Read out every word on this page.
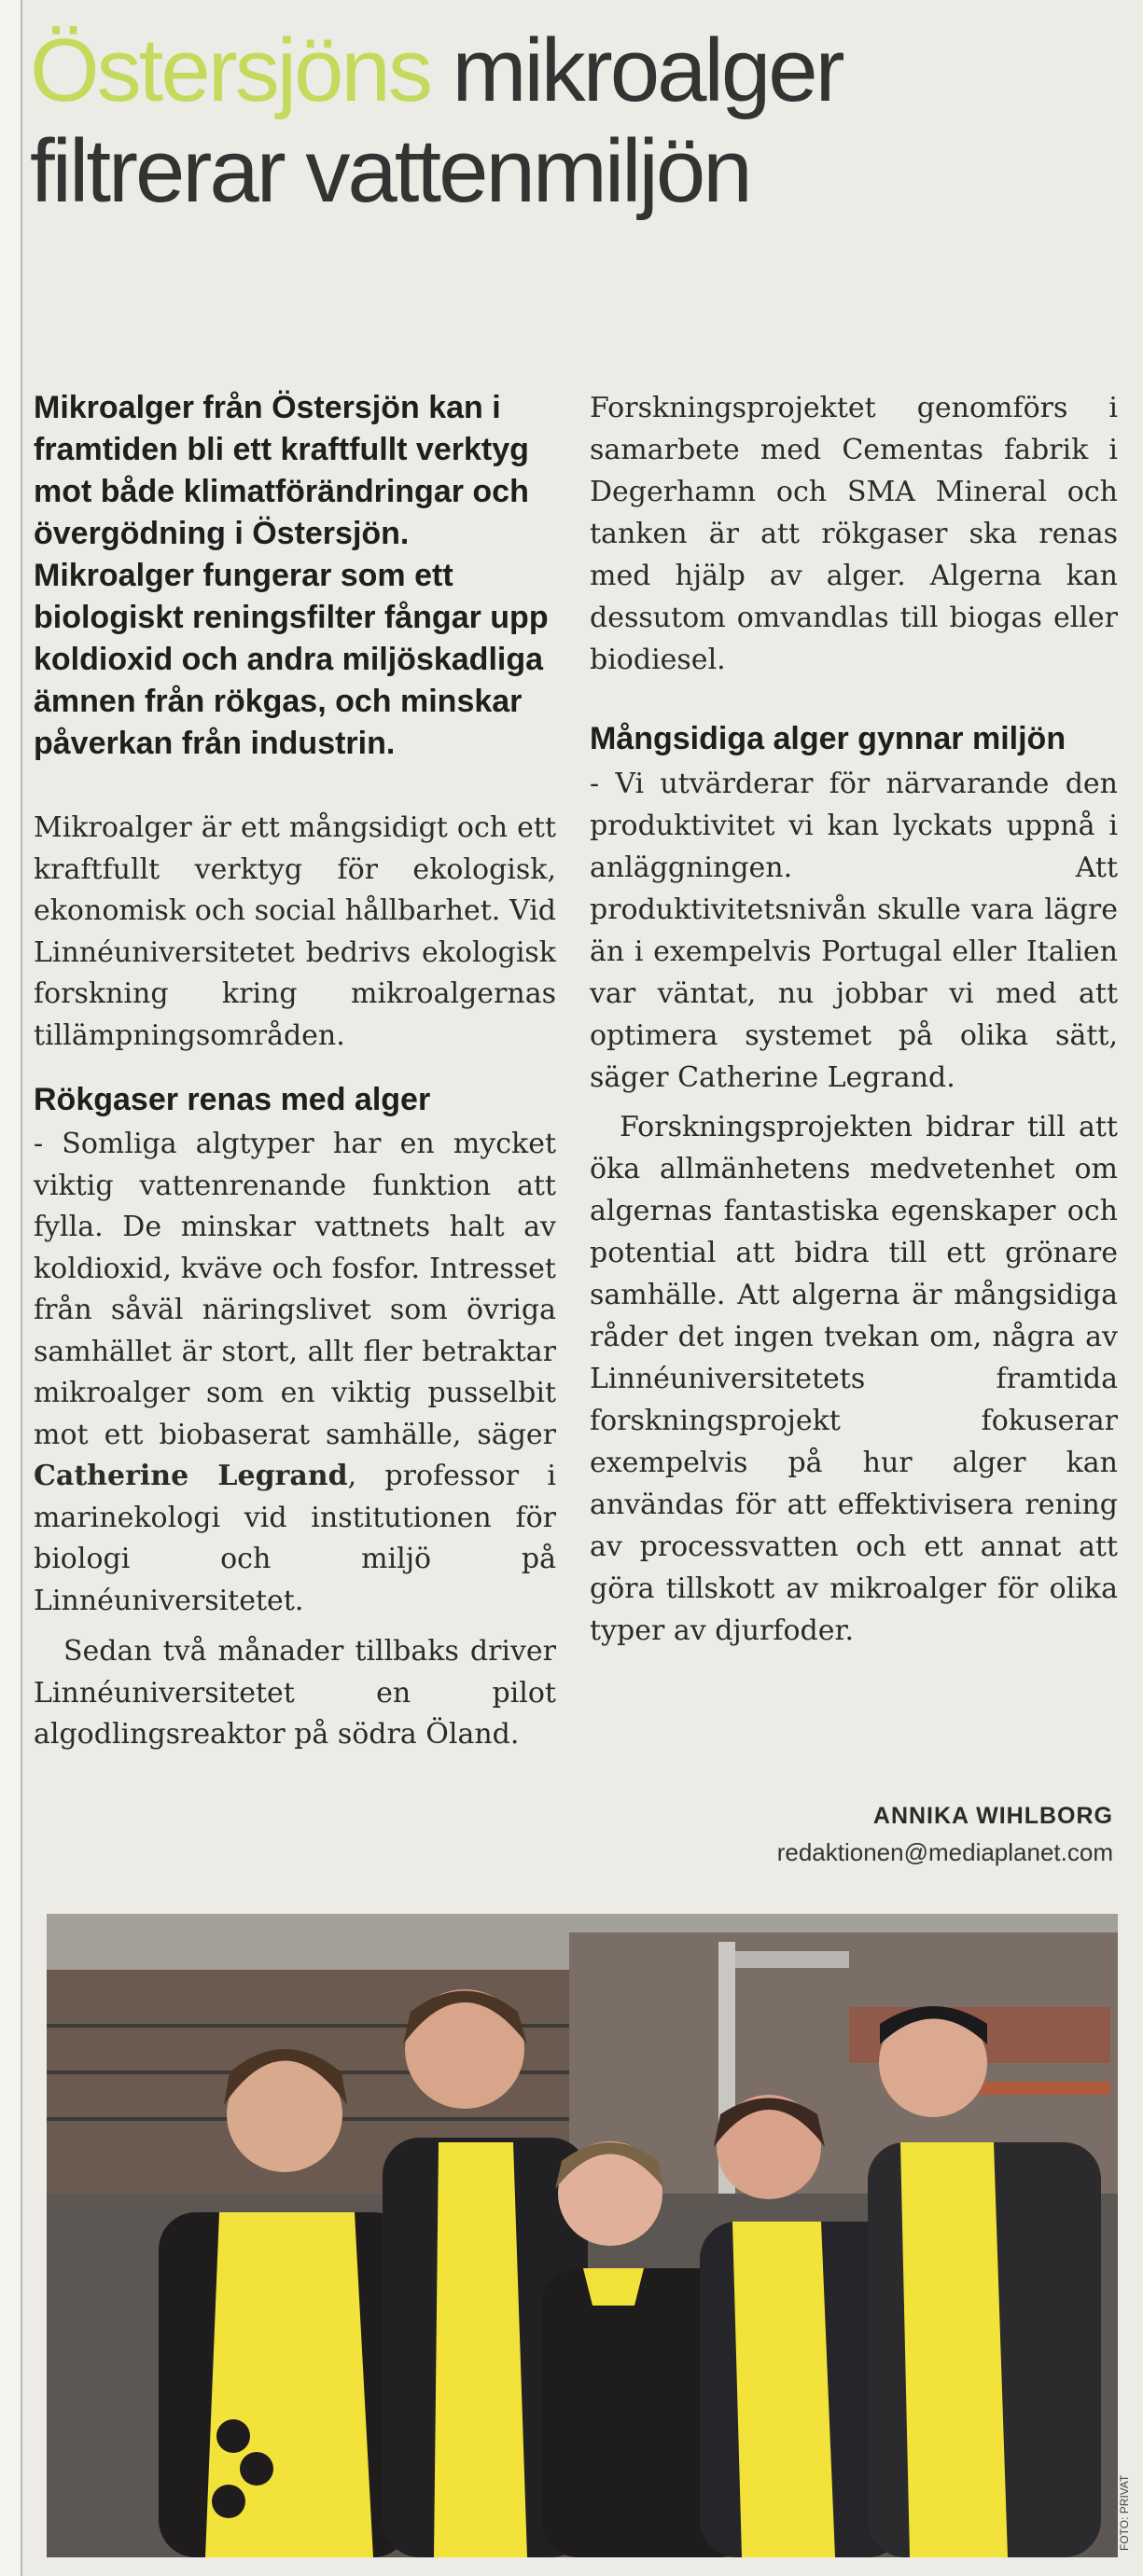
Östersjöns mikroalger
filtrerar vattenmiljön

Mikroalger från Östersjön kan i framtiden bli ett kraftfullt verktyg mot både klimatförändringar och övergödning i Östersjön. Mikroalger fungerar som ett biologiskt reningsfilter fångar upp koldioxid och andra miljöskadliga ämnen från rökgas, och minskar påverkan från industrin.

Mikroalger är ett mångsidigt och ett kraftfullt verktyg för ekologisk, ekonomisk och social hållbarhet. Vid Linnéuniversitetet bedrivs ekologisk forskning kring mikroalgernas tillämpningsområden.

Rökgaser renas med alger

- Somliga algtyper har en mycket viktig vattenrenande funktion att fylla. De minskar vattnets halt av koldioxid, kväve och fosfor. Intresset från såväl näringslivet som övriga samhället är stort, allt fler betraktar mikroalger som en viktig pusselbit mot ett biobaserat samhälle, säger Catherine Legrand, professor i marinekologi vid institutionen för biologi och miljö på Linnéuniversitetet.

Sedan två månader tillbaks driver Linnéuniversitetet en pilot algodlingsreaktor på södra Öland.

Forskningsprojektet genomförs i samarbete med Cementas fabrik i Degerhamn och SMA Mineral och tanken är att rökgaser ska renas med hjälp av alger. Algerna kan dessutom omvandlas till biogas eller biodiesel.

Mångsidiga alger gynnar miljön

- Vi utvärderar för närvarande den produktivitet vi kan lyckats uppnå i anläggningen. Att produktivitetsnivån skulle vara lägre än i exempelvis Portugal eller Italien var väntat, nu jobbar vi med att optimera systemet på olika sätt, säger Catherine Legrand.

Forskningsprojekten bidrar till att öka allmänhetens medvetenhet om algernas fantastiska egenskaper och potential att bidra till ett grönare samhälle. Att algerna är mångsidiga råder det ingen tvekan om, några av Linnéuniversitetets framtida forskningsprojekt fokuserar exempelvis på hur alger kan användas för att effektivisera rening av processvatten och ett annat att göra tillskott av mikroalger för olika typer av djurfoder.

ANNIKA WIHLBORG
redaktionen@mediaplanet.com
FOTO: PRIVAT
